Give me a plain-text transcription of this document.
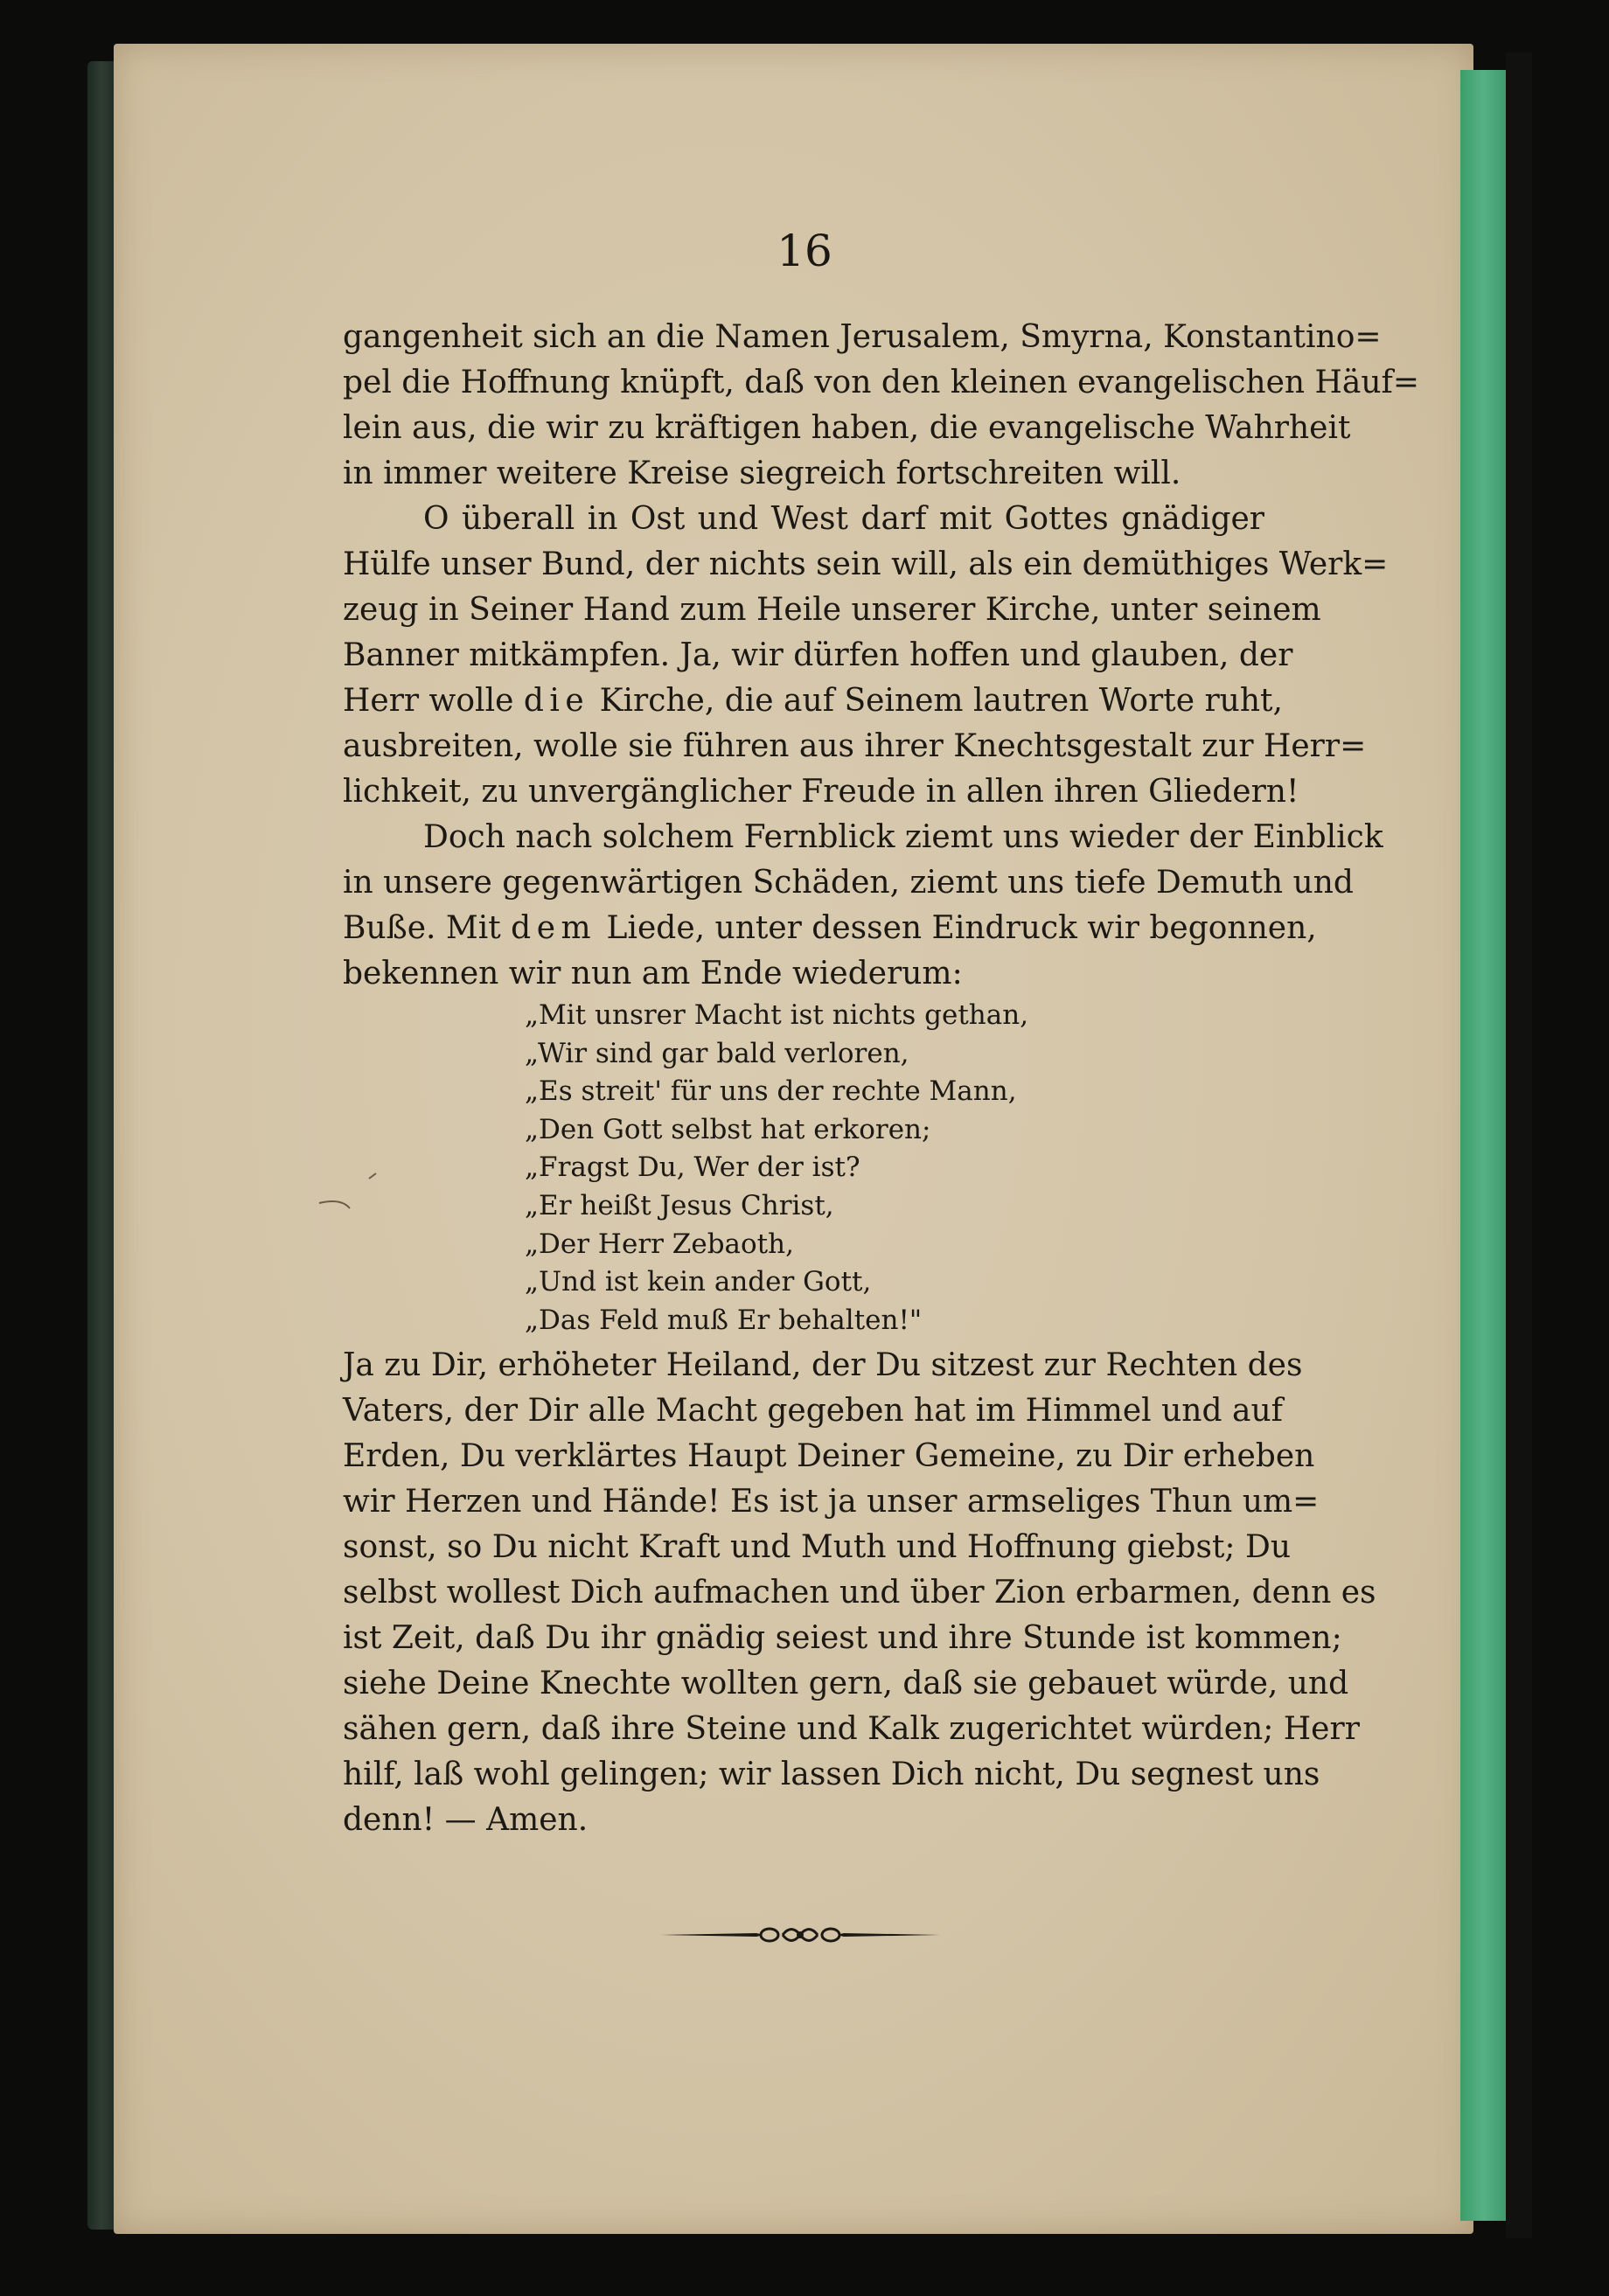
16
gangenheit sich an die Namen Jerusalem, Smyrna, Konstantino=
pel die Hoffnung knüpft, daß von den kleinen evangelischen Häuf=
lein aus, die wir zu kräftigen haben, die evangelische Wahrheit
in immer weitere Kreise siegreich fortschreiten will.
O überall in Ost und West darf mit Gottes gnädiger
Hülfe unser Bund, der nichts sein will, als ein demüthiges Werk=
zeug in Seiner Hand zum Heile unserer Kirche, unter seinem
Banner mitkämpfen. Ja, wir dürfen hoffen und glauben, der
Herr wolle die Kirche, die auf Seinem lautren Worte ruht,
ausbreiten, wolle sie führen aus ihrer Knechtsgestalt zur Herr=
lichkeit, zu unvergänglicher Freude in allen ihren Gliedern!
Doch nach solchem Fernblick ziemt uns wieder der Einblick
in unsere gegenwärtigen Schäden, ziemt uns tiefe Demuth und
Buße. Mit dem Liede, unter dessen Eindruck wir begonnen,
bekennen wir nun am Ende wiederum:
„Mit unsrer Macht ist nichts gethan,
„Wir sind gar bald verloren,
„Es streit' für uns der rechte Mann,
„Den Gott selbst hat erkoren;
„Fragst Du, Wer der ist?
„Er heißt Jesus Christ,
„Der Herr Zebaoth,
„Und ist kein ander Gott,
„Das Feld muß Er behalten!"
Ja zu Dir, erhöheter Heiland, der Du sitzest zur Rechten des
Vaters, der Dir alle Macht gegeben hat im Himmel und auf
Erden, Du verklärtes Haupt Deiner Gemeine, zu Dir erheben
wir Herzen und Hände! Es ist ja unser armseliges Thun um=
sonst, so Du nicht Kraft und Muth und Hoffnung giebst; Du
selbst wollest Dich aufmachen und über Zion erbarmen, denn es
ist Zeit, daß Du ihr gnädig seiest und ihre Stunde ist kommen;
siehe Deine Knechte wollten gern, daß sie gebauet würde, und
sähen gern, daß ihre Steine und Kalk zugerichtet würden; Herr
hilf, laß wohl gelingen; wir lassen Dich nicht, Du segnest uns
denn! — Amen.
